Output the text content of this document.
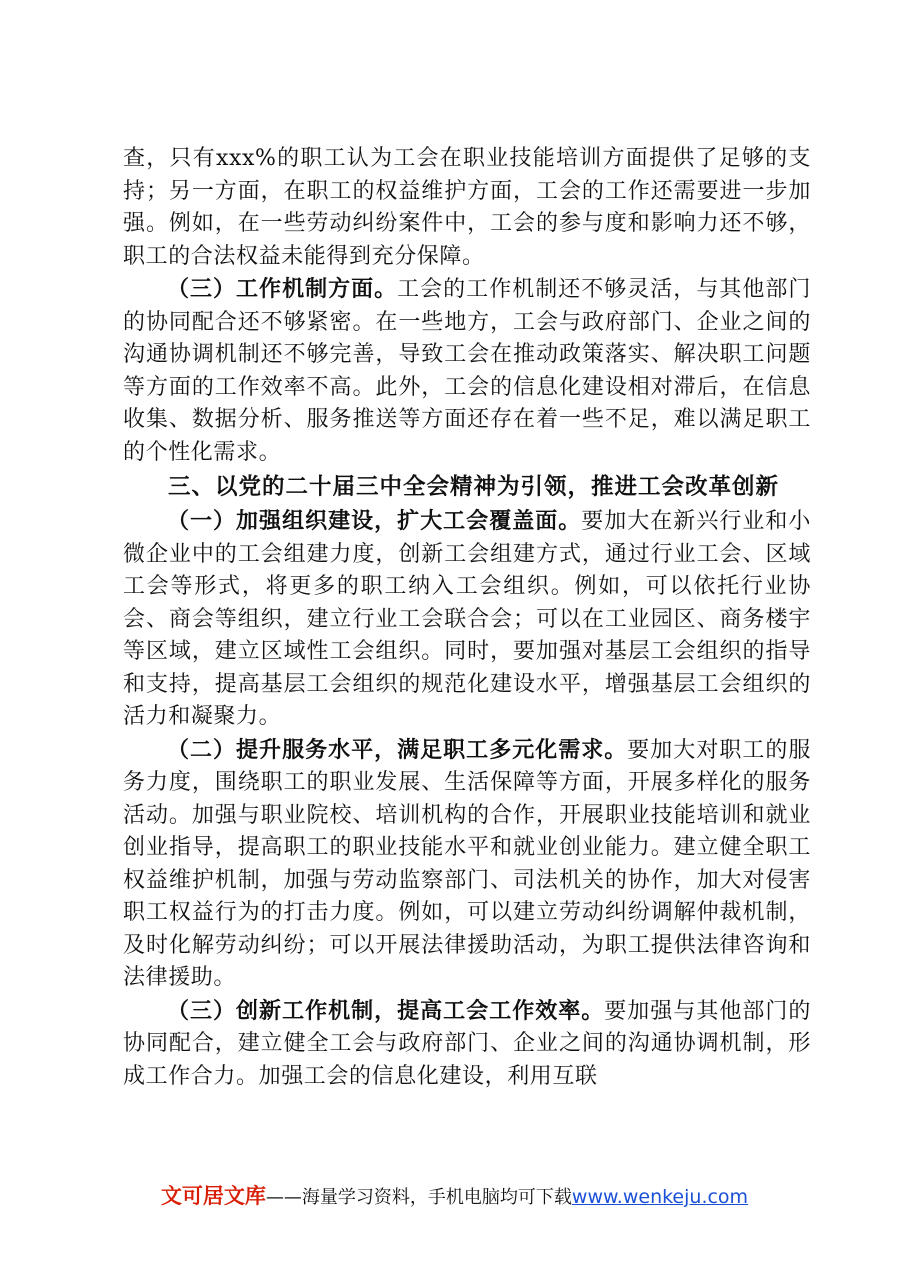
查，只有xxx%的职工认为工会在职业技能培训方面提供了足够的支持；另一方面，在职工的权益维护方面，工会的工作还需要进一步加强。例如，在一些劳动纠纷案件中，工会的参与度和影响力还不够，职工的合法权益未能得到充分保障。

（三）工作机制方面。工会的工作机制还不够灵活，与其他部门的协同配合还不够紧密。在一些地方，工会与政府部门、企业之间的沟通协调机制还不够完善，导致工会在推动政策落实、解决职工问题等方面的工作效率不高。此外，工会的信息化建设相对滞后，在信息收集、数据分析、服务推送等方面还存在着一些不足，难以满足职工的个性化需求。

三、以党的二十届三中全会精神为引领，推进工会改革创新

（一）加强组织建设，扩大工会覆盖面。要加大在新兴行业和小微企业中的工会组建力度，创新工会组建方式，通过行业工会、区域工会等形式，将更多的职工纳入工会组织。例如，可以依托行业协会、商会等组织，建立行业工会联合会；可以在工业园区、商务楼宇等区域，建立区域性工会组织。同时，要加强对基层工会组织的指导和支持，提高基层工会组织的规范化建设水平，增强基层工会组织的活力和凝聚力。

（二）提升服务水平，满足职工多元化需求。要加大对职工的服务力度，围绕职工的职业发展、生活保障等方面，开展多样化的服务活动。加强与职业院校、培训机构的合作，开展职业技能培训和就业创业指导，提高职工的职业技能水平和就业创业能力。建立健全职工权益维护机制，加强与劳动监察部门、司法机关的协作，加大对侵害职工权益行为的打击力度。例如，可以建立劳动纠纷调解仲裁机制，及时化解劳动纠纷；可以开展法律援助活动，为职工提供法律咨询和法律援助。

（三）创新工作机制，提高工会工作效率。要加强与其他部门的协同配合，建立健全工会与政府部门、企业之间的沟通协调机制，形成工作合力。加强工会的信息化建设，利用互联

文可居文库——海量学习资料，手机电脑均可下载www.wenkeju.com
